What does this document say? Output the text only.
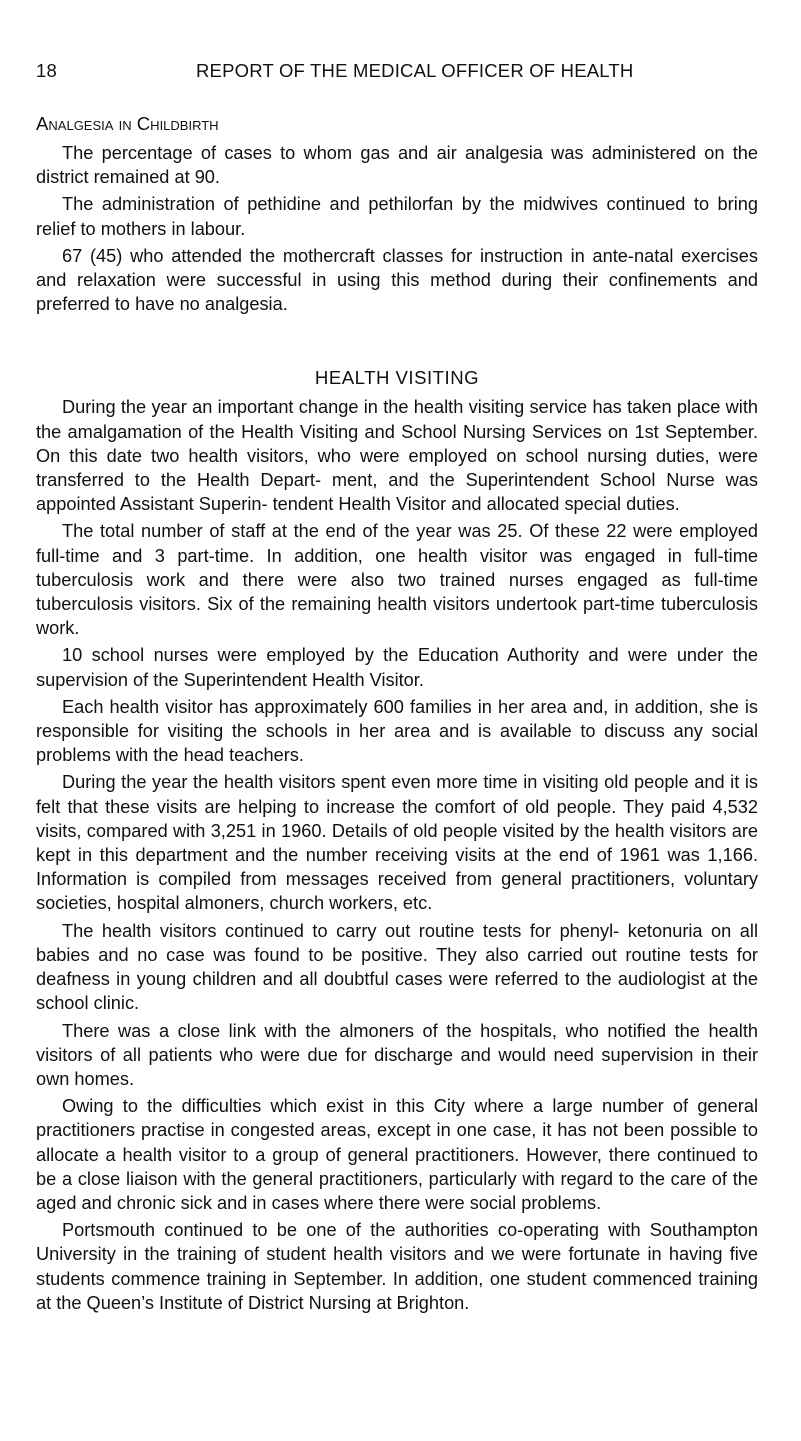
18	REPORT OF THE MEDICAL OFFICER OF HEALTH
Analgesia in Childbirth

The percentage of cases to whom gas and air analgesia was administered on the district remained at 90.

The administration of pethidine and pethilorfan by the midwives continued to bring relief to mothers in labour.

67 (45) who attended the mothercraft classes for instruction in ante-natal exercises and relaxation were successful in using this method during their confinements and preferred to have no analgesia.

HEALTH VISITING

During the year an important change in the health visiting service has taken place with the amalgamation of the Health Visiting and School Nursing Services on 1st September. On this date two health visitors, who were employed on school nursing duties, were transferred to the Health Depart- ment, and the Superintendent School Nurse was appointed Assistant Superin- tendent Health Visitor and allocated special duties.

The total number of staff at the end of the year was 25. Of these 22 were employed full-time and 3 part-time. In addition, one health visitor was engaged in full-time tuberculosis work and there were also two trained nurses engaged as full-time tuberculosis visitors. Six of the remaining health visitors undertook part-time tuberculosis work.

10 school nurses were employed by the Education Authority and were under the supervision of the Superintendent Health Visitor.

Each health visitor has approximately 600 families in her area and, in addition, she is responsible for visiting the schools in her area and is available to discuss any social problems with the head teachers.

During the year the health visitors spent even more time in visiting old people and it is felt that these visits are helping to increase the comfort of old people. They paid 4,532 visits, compared with 3,251 in 1960. Details of old people visited by the health visitors are kept in this department and the number receiving visits at the end of 1961 was 1,166. Information is compiled from messages received from general practitioners, voluntary societies, hospital almoners, church workers, etc.

The health visitors continued to carry out routine tests for phenyl- ketonuria on all babies and no case was found to be positive. They also carried out routine tests for deafness in young children and all doubtful cases were referred to the audiologist at the school clinic.

There was a close link with the almoners of the hospitals, who notified the health visitors of all patients who were due for discharge and would need supervision in their own homes.

Owing to the difficulties which exist in this City where a large number of general practitioners practise in congested areas, except in one case, it has not been possible to allocate a health visitor to a group of general practitioners. However, there continued to be a close liaison with the general practitioners, particularly with regard to the care of the aged and chronic sick and in cases where there were social problems.

Portsmouth continued to be one of the authorities co-operating with Southampton University in the training of student health visitors and we were fortunate in having five students commence training in September. In addition, one student commenced training at the Queen’s Institute of District Nursing at Brighton.
